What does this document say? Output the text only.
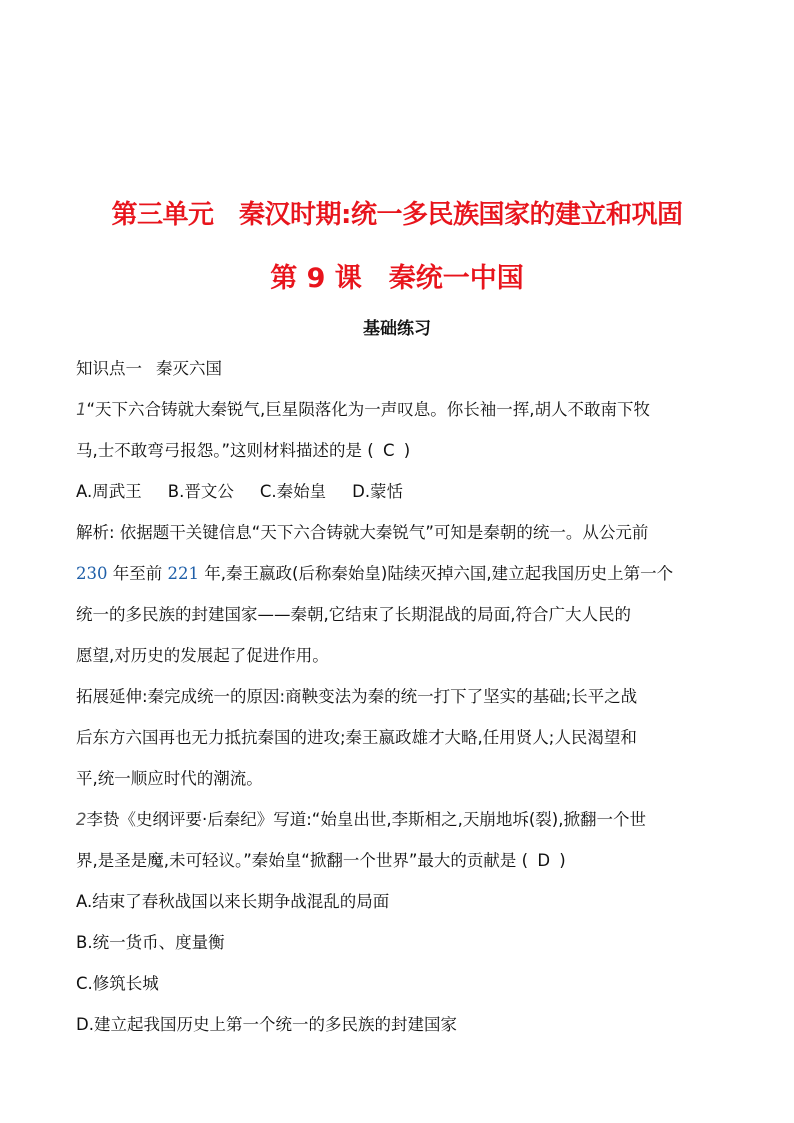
第三单元　秦汉时期:统一多民族国家的建立和巩固
第 9 课　秦统一中国
基础练习
知识点一 秦灭六国
1“天下六合铸就大秦锐气,巨星陨落化为一声叹息。你长袖一挥,胡人不敢南下牧
马,士不敢弯弓报怨。”这则材料描述的是 ( C )
A.周武王 B.晋文公 C.秦始皇 D.蒙恬
解析: 依据题干关键信息“天下六合铸就大秦锐气”可知是秦朝的统一。从公元前
230 年至前 221 年,秦王嬴政(后称秦始皇)陆续灭掉六国,建立起我国历史上第一个
统一的多民族的封建国家——秦朝,它结束了长期混战的局面,符合广大人民的
愿望,对历史的发展起了促进作用。
拓展延伸:秦完成统一的原因:商鞅变法为秦的统一打下了坚实的基础;长平之战
后东方六国再也无力抵抗秦国的进攻;秦王嬴政雄才大略,任用贤人;人民渴望和
平,统一顺应时代的潮流。
2李贽《史纲评要·后秦纪》写道:“始皇出世,李斯相之,天崩地坼(裂),掀翻一个世
界,是圣是魔,未可轻议。”秦始皇“掀翻一个世界”最大的贡献是 ( D )
A.结束了春秋战国以来长期争战混乱的局面
B.统一货币、度量衡
C.修筑长城
D.建立起我国历史上第一个统一的多民族的封建国家
